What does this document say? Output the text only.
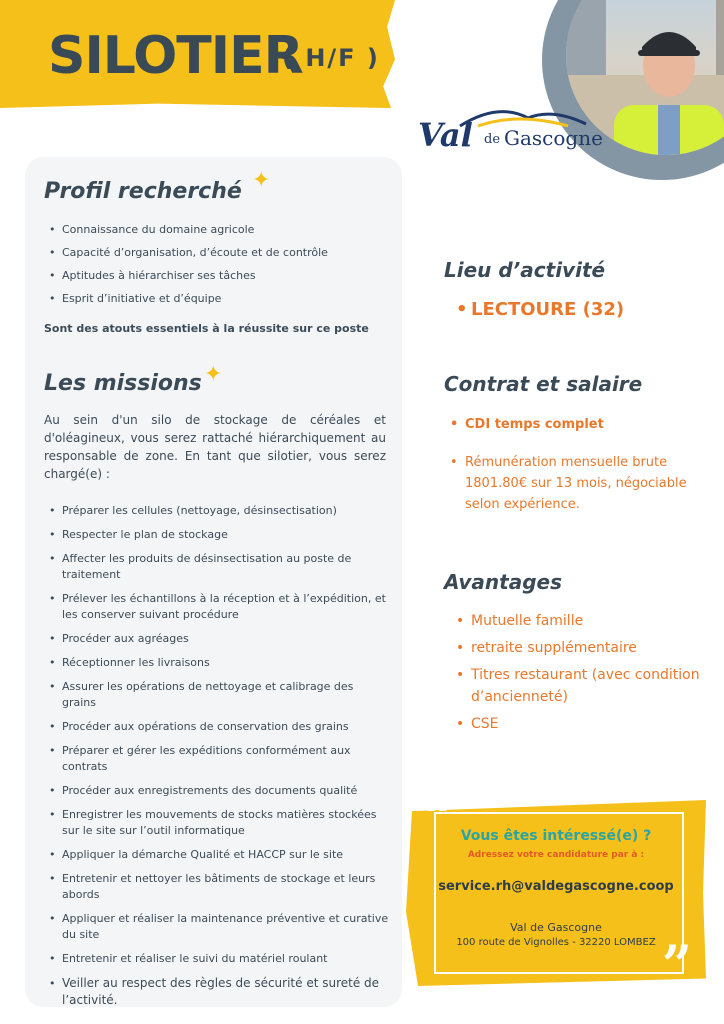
SILOTIER
( H/F )
Val de Gascogne
Profil recherché ✦
• Connaissance du domaine agricole
• Capacité d’organisation, d’écoute et de contrôle
• Aptitudes à hiérarchiser ses tâches
• Esprit d’initiative et d’équipe
Sont des atouts essentiels à la réussite sur ce poste
Les missions ✦
Au sein d'un silo de stockage de céréales et d'oléagineux, vous serez rattaché hiérarchiquement au responsable de zone. En tant que silotier, vous serez chargé(e) :
• Préparer les cellules (nettoyage, désinsectisation)
• Respecter le plan de stockage
• Affecter les produits de désinsectisation au poste de traitement
• Prélever les échantillons à la réception et à l’expédition, et les conserver suivant procédure
• Procéder aux agréages
• Réceptionner les livraisons
• Assurer les opérations de nettoyage et calibrage des grains
• Procéder aux opérations de conservation des grains
• Préparer et gérer les expéditions conformément aux contrats
• Procéder aux enregistrements des documents qualité
• Enregistrer les mouvements de stocks matières stockées sur le site sur l’outil informatique
• Appliquer la démarche Qualité et HACCP sur le site
• Entretenir et nettoyer les bâtiments de stockage et leurs abords
• Appliquer et réaliser la maintenance préventive et curative du site
• Entretenir et réaliser le suivi du matériel roulant
• Veiller au respect des règles de sécurité et sureté de l’activité.
Lieu d’activité
• LECTOURE (32)
Contrat et salaire
• CDI temps complet
• Rémunération mensuelle brute 1801.80€ sur 13 mois, négociable selon expérience.
Avantages
• Mutuelle famille
• retraite supplémentaire
• Titres restaurant (avec condition d’ancienneté)
• CSE
“
”
Vous êtes intéressé(e) ?
Adressez votre candidature par à :
service.rh@valdegascogne.coop
Val de Gascogne
100 route de Vignolles - 32220 LOMBEZ
